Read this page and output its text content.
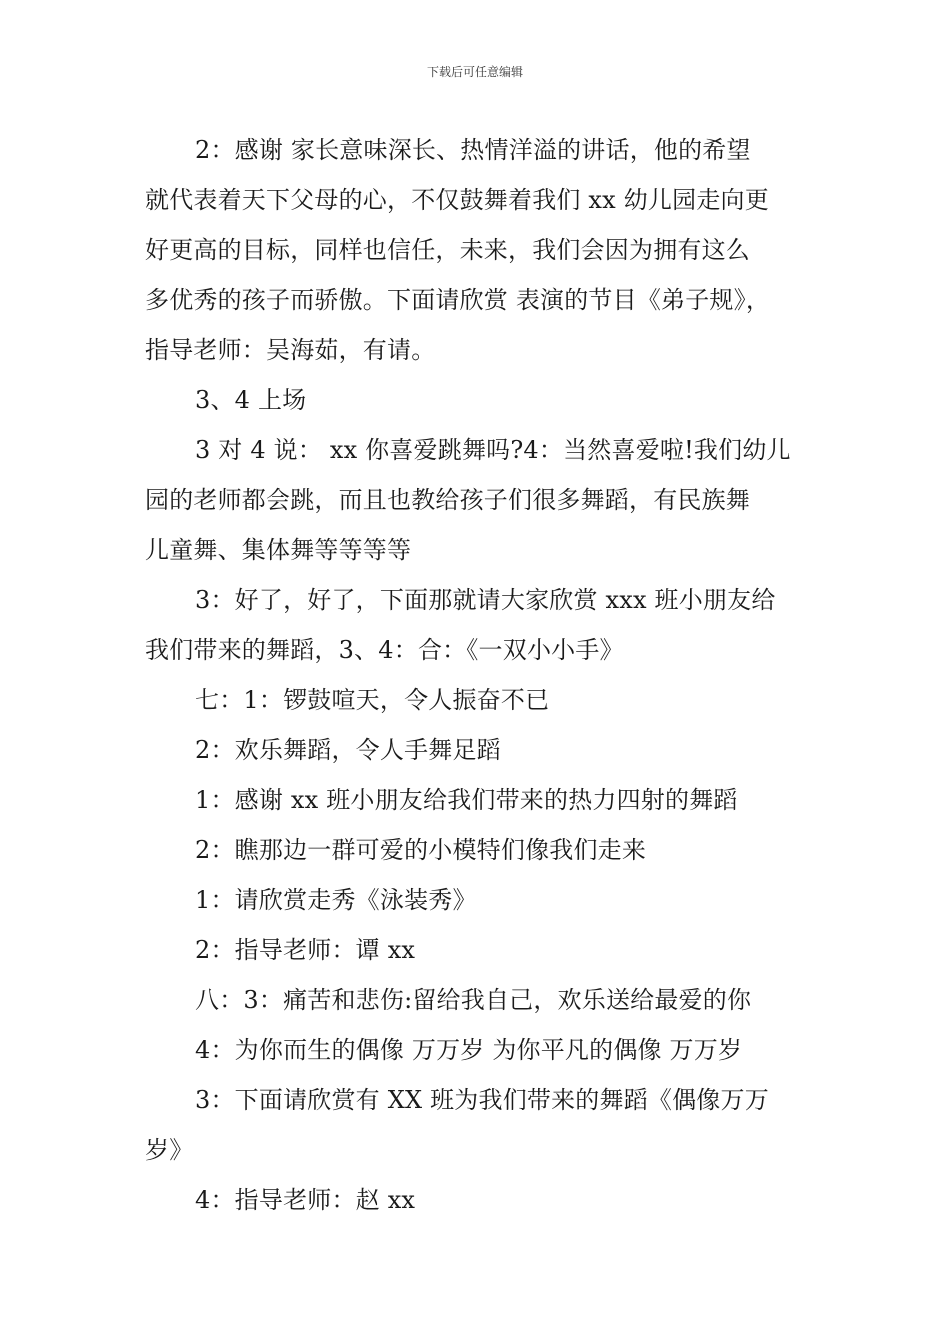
下载后可任意编辑

2：感谢 家长意味深长、热情洋溢的讲话，他的希望
就代表着天下父母的心，不仅鼓舞着我们 xx 幼儿园走向更
好更高的目标，同样也信任，未来，我们会因为拥有这么
多优秀的孩子而骄傲。下面请欣赏 表演的节目《弟子规》，
指导老师：吴海茹，有请。

3、4 上场

3 对 4 说： xx 你喜爱跳舞吗?4：当然喜爱啦!我们幼儿
园的老师都会跳，而且也教给孩子们很多舞蹈，有民族舞
儿童舞、集体舞等等等等

3：好了，好了，下面那就请大家欣赏 xxx 班小朋友给
我们带来的舞蹈，3、4：合：《一双小小手》

七：1：锣鼓喧天，令人振奋不已

2：欢乐舞蹈，令人手舞足蹈

1：感谢 xx 班小朋友给我们带来的热力四射的舞蹈

2：瞧那边一群可爱的小模特们像我们走来

1：请欣赏走秀《泳装秀》

2：指导老师：谭 xx

八：3：痛苦和悲伤:留给我自己，欢乐送给最爱的你

4：为你而生的偶像 万万岁 为你平凡的偶像 万万岁

3：下面请欣赏有 XX 班为我们带来的舞蹈《偶像万万
岁》

4：指导老师：赵 xx
